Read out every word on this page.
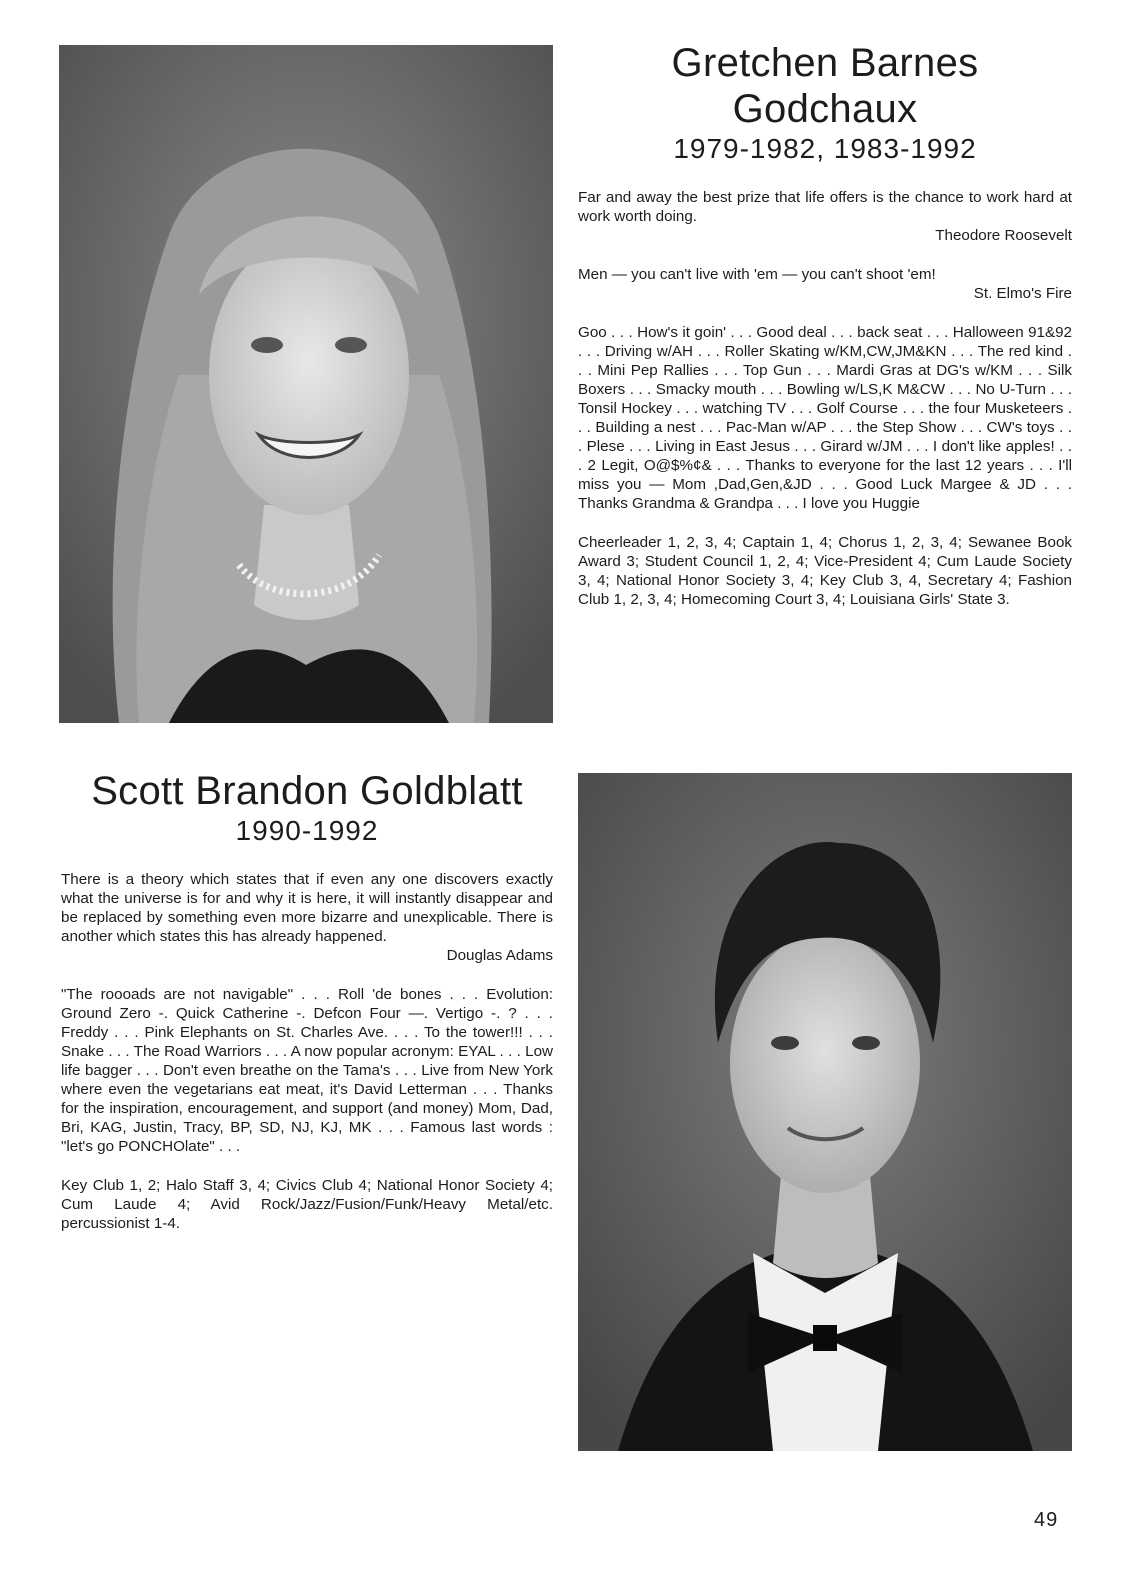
Gretchen Barnes Godchaux
1979-1982, 1983-1992

Far and away the best prize that life offers is the chance to work hard at work worth doing.

Theodore Roosevelt

Men — you can't live with 'em — you can't shoot 'em!

St. Elmo's Fire

Goo . . . How's it goin' . . . Good deal . . . back seat . . . Halloween 91&92 . . . Driving w/AH . . . Roller Skating w/KM,CW,JM&KN . . . The red kind . . . Mini Pep Rallies . . . Top Gun . . . Mardi Gras at DG's w/KM . . . Silk Boxers . . . Smacky mouth . . . Bowling w/LS,K M&CW . . . No U-Turn . . . Tonsil Hockey . . . watching TV . . . Golf Course . . . the four Musketeers . . . Building a nest . . . Pac-Man w/AP . . . the Step Show . . . CW's toys . . . Plese . . . Living in East Jesus . . . Girard w/JM . . . I don't like apples! . . . 2 Legit, O@$%¢& . . . Thanks to everyone for the last 12 years . . . I'll miss you — Mom ,Dad,Gen,&JD . . . Good Luck Margee & JD . . . Thanks Grandma & Grandpa . . . I love you Huggie

Cheerleader 1, 2, 3, 4; Captain 1, 4; Chorus 1, 2, 3, 4; Sewanee Book Award 3; Student Council 1, 2, 4; Vice-President 4; Cum Laude Society 3, 4; National Honor Society 3, 4; Key Club 3, 4, Secretary 4; Fashion Club 1, 2, 3, 4; Homecoming Court 3, 4; Louisiana Girls' State 3.

Scott Brandon Goldblatt
1990-1992

There is a theory which states that if even any one discovers exactly what the universe is for and why it is here, it will instantly disappear and be replaced by something even more bizarre and unexplicable. There is another which states this has already happened.

Douglas Adams

"The roooads are not navigable" . . . Roll 'de bones . . . Evolution: Ground Zero -. Quick Catherine -. Defcon Four —. Vertigo -. ? . . . Freddy . . . Pink Elephants on St. Charles Ave. . . . To the tower!!! . . . Snake . . . The Road Warriors . . . A now popular acronym: EYAL . . . Low life bagger . . . Don't even breathe on the Tama's . . . Live from New York where even the vegetarians eat meat, it's David Letterman . . . Thanks for the inspiration, encouragement, and support (and money) Mom, Dad, Bri, KAG, Justin, Tracy, BP, SD, NJ, KJ, MK . . . Famous last words : "let's go PONCHOlate" . . .

Key Club 1, 2; Halo Staff 3, 4; Civics Club 4; National Honor Society 4; Cum Laude 4; Avid Rock/Jazz/Fusion/Funk/Heavy Metal/etc. percussionist 1-4.

49
